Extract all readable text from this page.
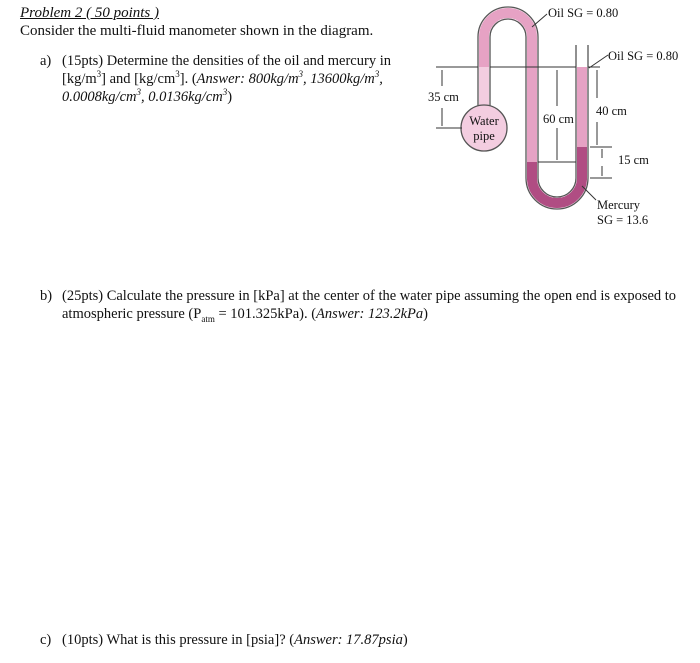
Problem 2 ( 50 points )
Consider the multi-fluid manometer shown in the diagram.
a) (15pts) Determine the densities of the oil and mercury in $[kg/m^3]$ and $[kg/cm^3]$. (Answer: $800kg/m^3$, $13600kg/m^3$, $0.0008kg/cm^3$, $0.0136kg/cm^3$)
b) (25pts) Calculate the pressure in [kPa] at the center of the water pipe assuming the open end is exposed to atmospheric pressure $(P_{atm} = 101.325kPa)$. (Answer: 123.2kPa)
c) (10pts) What is this pressure in [psia]? (Answer: 17.87psia)
Water
pipe
35 cm
60 cm
40 cm
15 cm
Oil SG = 0.80
Oil SG = 0.80
Mercury
SG = 13.6
